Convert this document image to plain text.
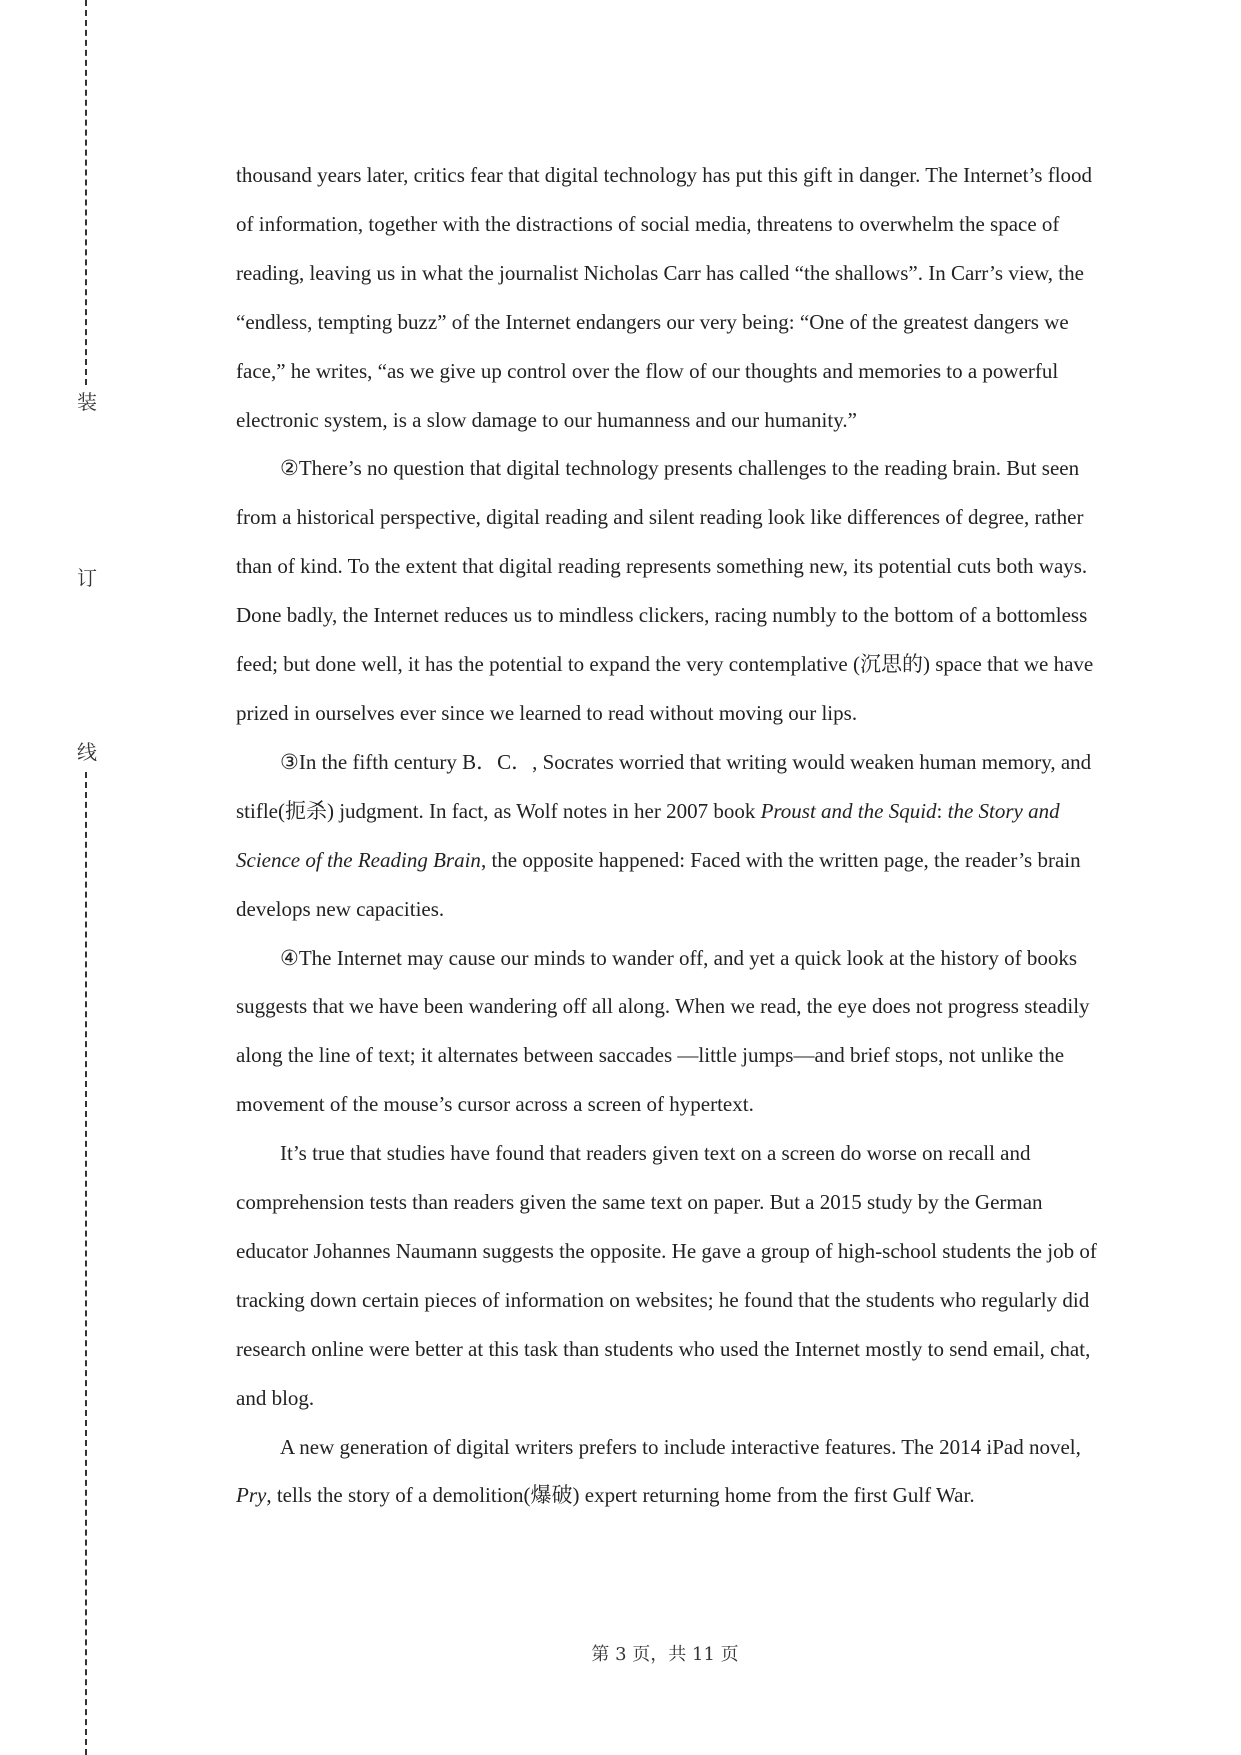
装
订
线

thousand years later, critics fear that digital technology has put this gift in danger. The Internet’s flood of information, together with the distractions of social media, threatens to overwhelm the space of reading, leaving us in what the journalist Nicholas Carr has called “the shallows”. In Carr’s view, the “endless, tempting buzz” of the Internet endangers our very being: “One of the greatest dangers we face,” he writes, “as we give up control over the flow of our thoughts and memories to a powerful electronic system, is a slow damage to our humanness and our humanity.”

②There’s no question that digital technology presents challenges to the reading brain. But seen from a historical perspective, digital reading and silent reading look like differences of degree, rather than of kind. To the extent that digital reading represents something new, its potential cuts both ways. Done badly, the Internet reduces us to mindless clickers, racing numbly to the bottom of a bottomless feed; but done well, it has the potential to expand the very contemplative (沉思的) space that we have prized in ourselves ever since we learned to read without moving our lips.

③In the fifth century B．C．, Socrates worried that writing would weaken human memory, and stifle(扼杀) judgment. In fact, as Wolf notes in her 2007 book Proust and the Squid: the Story and Science of the Reading Brain, the opposite happened: Faced with the written page, the reader’s brain develops new capacities.

④The Internet may cause our minds to wander off, and yet a quick look at the history of books suggests that we have been wandering off all along. When we read, the eye does not progress steadily along the line of text; it alternates between saccades —little jumps—and brief stops, not unlike the movement of the mouse’s cursor across a screen of hypertext.

It’s true that studies have found that readers given text on a screen do worse on recall and comprehension tests than readers given the same text on paper. But a 2015 study by the German educator Johannes Naumann suggests the opposite. He gave a group of high-school students the job of tracking down certain pieces of information on websites; he found that the students who regularly did research online were better at this task than students who used the Internet mostly to send email, chat, and blog.

A new generation of digital writers prefers to include interactive features. The 2014 iPad novel, Pry, tells the story of a demolition(爆破) expert returning home from the first Gulf War.

第 3 页，共 11 页
